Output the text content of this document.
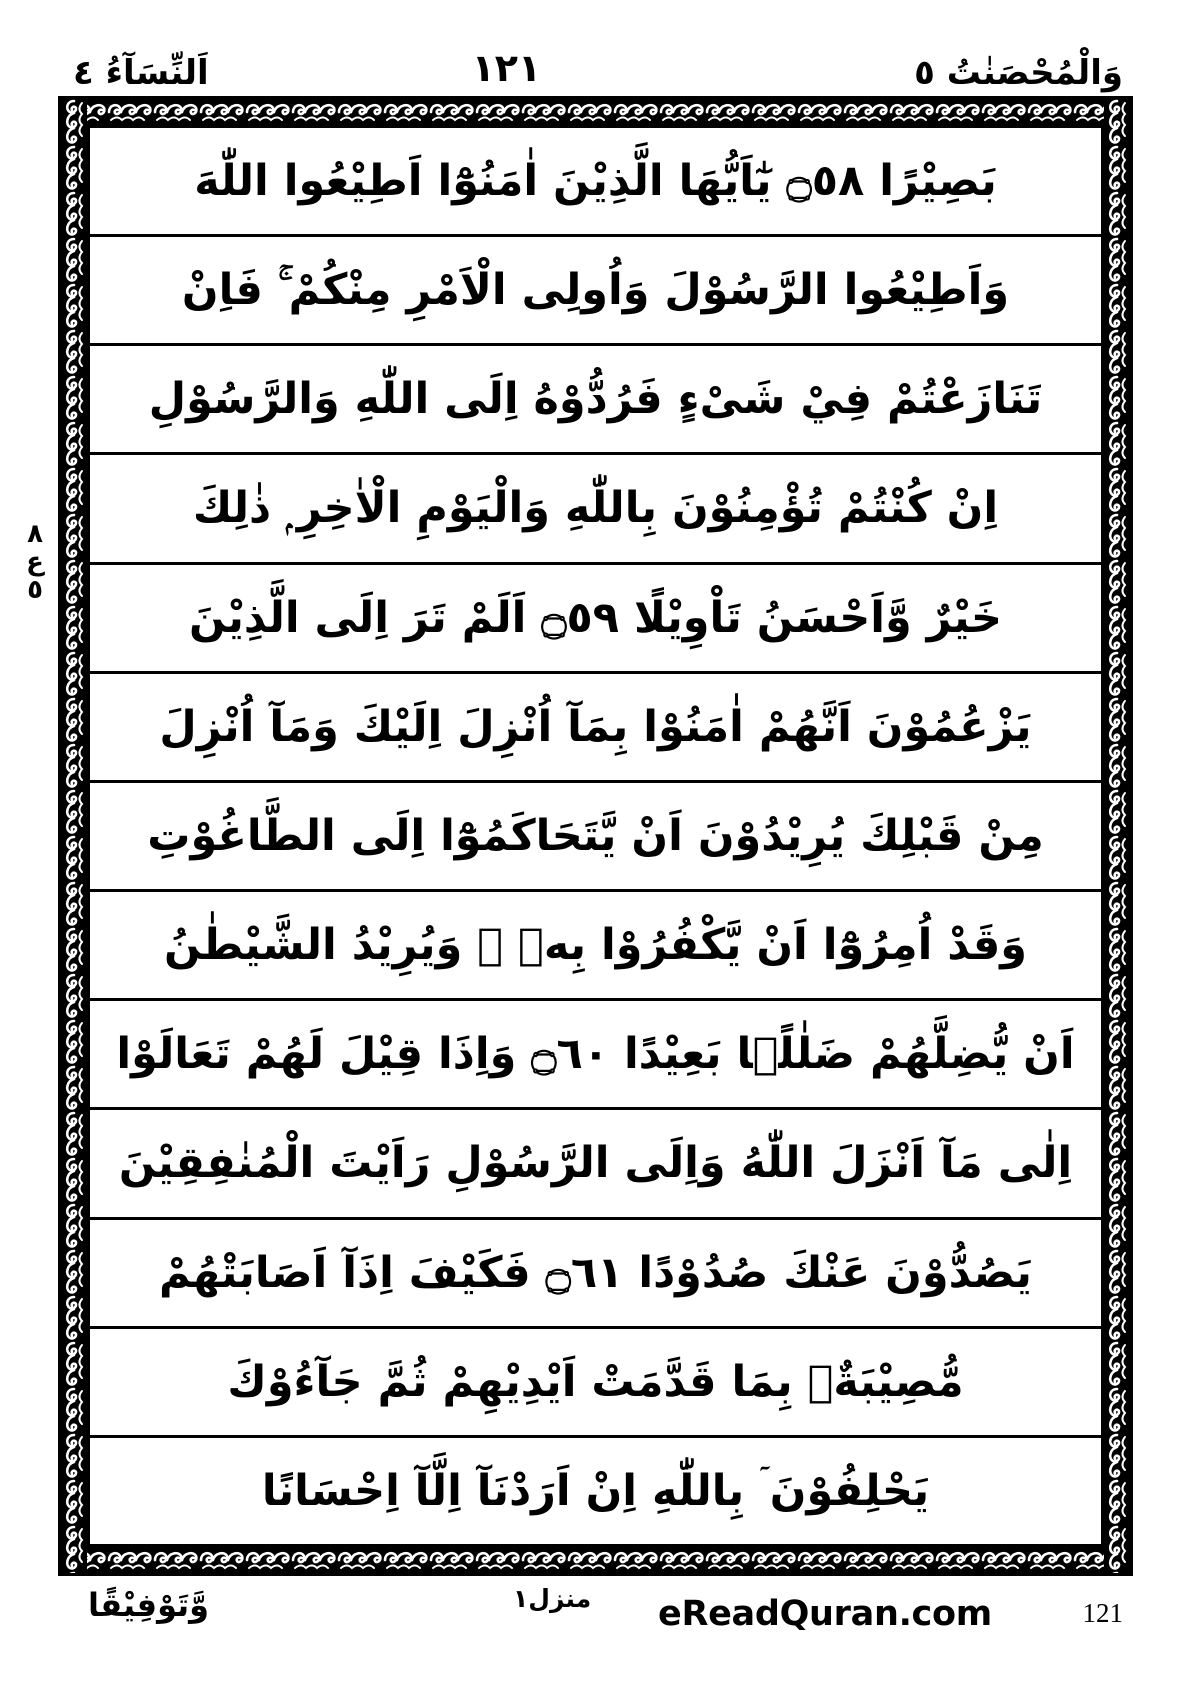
اَلنِّسَآءُ ٤	١٢١	وَالْمُحْصَنٰتُ ٥
٨
ع
٥
بَصِيْرًا ۝٥٨ يٰٓاَيُّهَا الَّذِيْنَ اٰمَنُوْٓا اَطِيْعُوا اللّٰهَ
وَاَطِيْعُوا الرَّسُوْلَ وَاُولِى الْاَمْرِ مِنْكُمْ ۚ فَاِنْ
تَنَازَعْتُمْ فِيْ شَىْءٍ فَرُدُّوْهُ اِلَى اللّٰهِ وَالرَّسُوْلِ
اِنْ كُنْتُمْ تُؤْمِنُوْنَ بِاللّٰهِ وَالْيَوْمِ الْاٰخِرِ ۭ ذٰلِكَ
خَيْرٌ وَّاَحْسَنُ تَاْوِيْلًا ۝٥٩ اَلَمْ تَرَ اِلَى الَّذِيْنَ
يَزْعُمُوْنَ اَنَّهُمْ اٰمَنُوْا بِمَآ اُنْزِلَ اِلَيْكَ وَمَآ اُنْزِلَ
مِنْ قَبْلِكَ يُرِيْدُوْنَ اَنْ يَّتَحَاكَمُوْٓا اِلَى الطَّاغُوْتِ
وَقَدْ اُمِرُوْٓا اَنْ يَّكْفُرُوْا بِهٖ ۭ وَيُرِيْدُ الشَّيْطٰنُ
اَنْ يُّضِلَّهُمْ ضَلٰلًۢا بَعِيْدًا ۝٦٠ وَاِذَا قِيْلَ لَهُمْ تَعَالَوْا
اِلٰى مَآ اَنْزَلَ اللّٰهُ وَاِلَى الرَّسُوْلِ رَاَيْتَ الْمُنٰفِقِيْنَ
يَصُدُّوْنَ عَنْكَ صُدُوْدًا ۝٦١ فَكَيْفَ اِذَآ اَصَابَتْهُمْ
مُّصِيْبَةٌۢ بِمَا قَدَّمَتْ اَيْدِيْهِمْ ثُمَّ جَآءُوْكَ
يَحْلِفُوْنَ ۤ بِاللّٰهِ اِنْ اَرَدْنَآ اِلَّآ اِحْسَانًا
وَّتَوْفِيْقًا	منزل١ eReadQuran.com	121
